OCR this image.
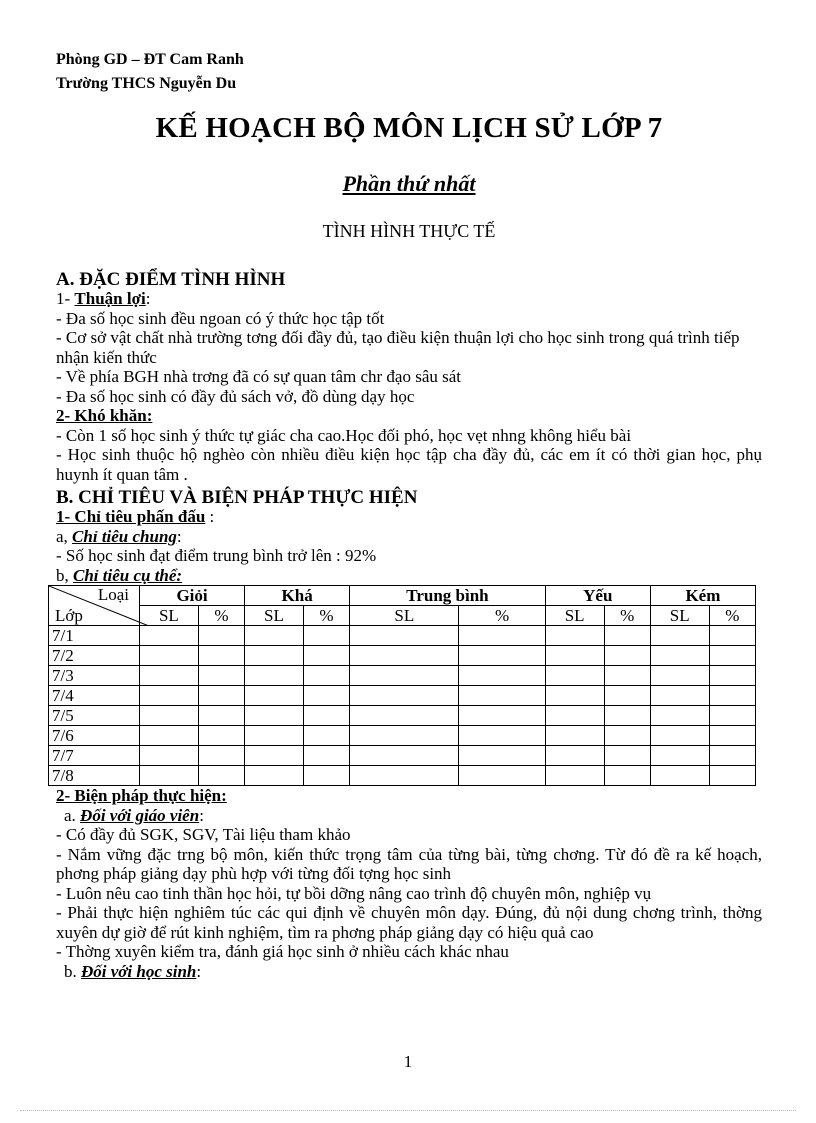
Phòng GD – ĐT Cam Ranh
Trường THCS Nguyễn Du
KẾ HOẠCH BỘ MÔN LỊCH SỬ LỚP 7
Phần thứ nhất
TÌNH HÌNH THỰC TẾ
A. ĐẶC ĐIỂM TÌNH HÌNH
1- Thuận lợi:
- Đa số học sinh đều ngoan có ý thức học tập tốt
- Cơ sở vật chất nhà trường tơng đối đầy đủ, tạo điều kiện thuận lợi cho học sinh trong quá trình tiếp nhận kiến thức
- Về phía BGH nhà trơng đã có sự quan tâm chr đạo sâu sát
- Đa số học sinh có đầy đủ sách vở, đồ dùng dạy học
2- Khó khăn:
- Còn 1 số học sinh ý thức tự giác cha cao.Học đối phó, học vẹt nhng không hiểu bài
- Học sinh thuộc hộ nghèo còn nhiều điều kiện học tập cha đầy đủ, các em ít có thời gian học, phụ huynh ít quan tâm .
B. CHỈ TIÊU VÀ BIỆN PHÁP THỰC HIỆN
1- Chỉ tiêu phấn đấu :
a, Chỉ tiêu chung:
- Số học sinh đạt điểm trung bình trở lên : 92%
b, Chỉ tiêu cụ thể:
Loại
Lớp	Giỏi		Khá		Trung bình		Yếu		Kém	
	SL	%	SL	%	SL	%	SL	%	SL	%
7/1										
7/2										
7/3										
7/4										
7/5										
7/6										
7/7										
7/8										
2- Biện pháp thực hiện:
a. Đối với giáo viên:
- Có đầy đủ SGK, SGV, Tài liệu tham khảo
- Nắm vững đặc trng bộ môn, kiến thức trọng tâm của từng bài, từng chơng. Từ đó đề ra kế hoạch, phơng pháp giảng dạy phù hợp với từng đối tợng học sinh
- Luôn nêu cao tinh thần học hỏi, tự bồi dỡng nâng cao trình độ chuyên môn, nghiệp vụ
- Phải thực hiện nghiêm túc các qui định về chuyên môn dạy. Đúng, đủ nội dung chơng trình, thờng xuyên dự giờ để rút kinh nghiệm, tìm ra phơng pháp giảng dạy có hiệu quả cao
- Thờng xuyên kiểm tra, đánh giá học sinh ở nhiều cách khác nhau
b. Đối với học sinh:
1
